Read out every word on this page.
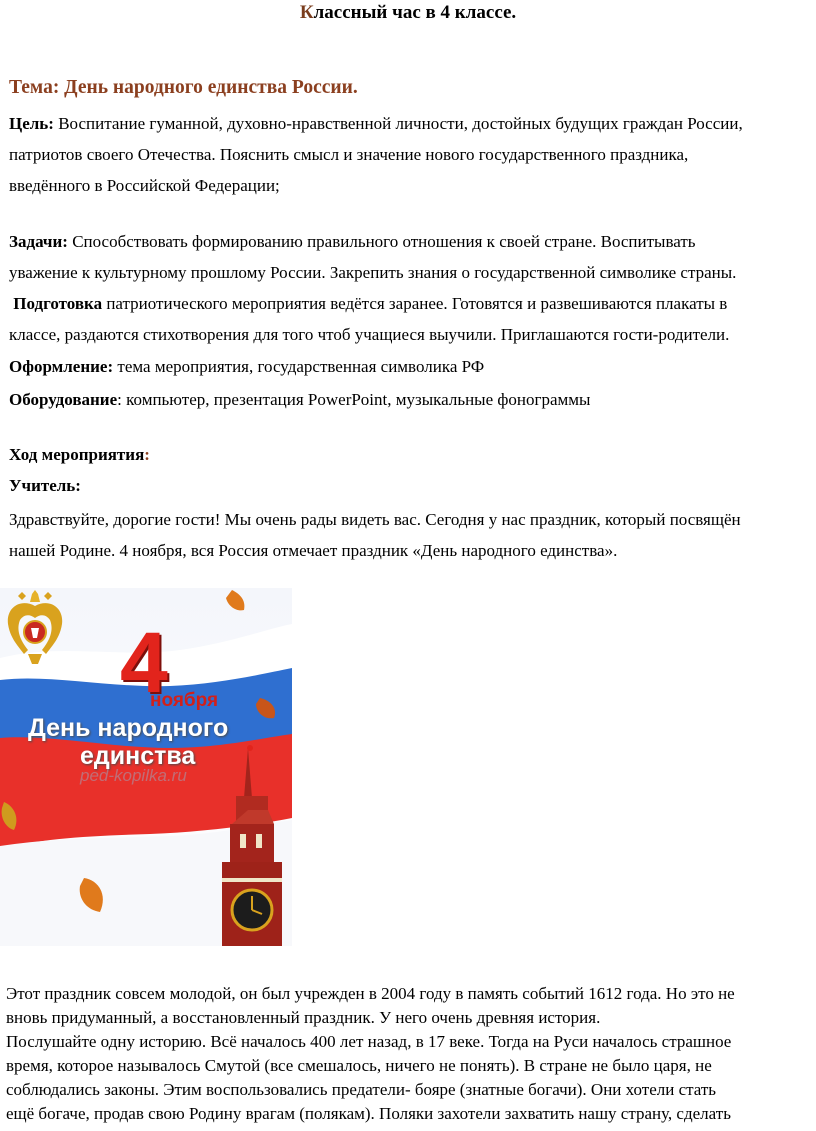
Классный час в 4 классе.
Тема: День народного единства России.
Цель: Воспитание гуманной, духовно-нравственной личности, достойных будущих граждан России,
патриотов своего Отечества. Пояснить смысл и значение нового государственного праздника,
введённого в Российской Федерации;
Задачи: Способствовать формированию правильного отношения к своей стране. Воспитывать
уважение к культурному прошлому России. Закрепить знания о государственной символике страны.
Подготовка патриотического мероприятия ведётся заранее. Готовятся и развешиваются плакаты в
классе, раздаются стихотворения для того чтоб учащиеся выучили. Приглашаются гости-родители.
Оформление: тема мероприятия, государственная символика РФ
Оборудование: компьютер, презентация PowerPoint, музыкальные фонограммы
Ход мероприятия:
Учитель:
Здравствуйте, дорогие гости! Мы очень рады видеть вас. Сегодня у нас праздник, который посвящён
нашей Родине. 4 ноября, вся Россия отмечает праздник «День народного единства».
4
ноября
День народного
единства
ped-kopilka.ru
Этот праздник совсем молодой, он был учрежден в 2004 году в память событий 1612 года. Но это не
вновь придуманный, а восстановленный праздник. У него очень древняя история.
Послушайте одну историю. Всё началось 400 лет назад, в 17 веке. Тогда на Руси началось страшное
время, которое называлось Смутой (все смешалось, ничего не понять). В стране не было царя, не
соблюдались законы. Этим воспользовались предатели- бояре (знатные богачи). Они хотели стать
ещё богаче, продав свою Родину врагам (полякам). Поляки захотели захватить нашу страну, сделать
